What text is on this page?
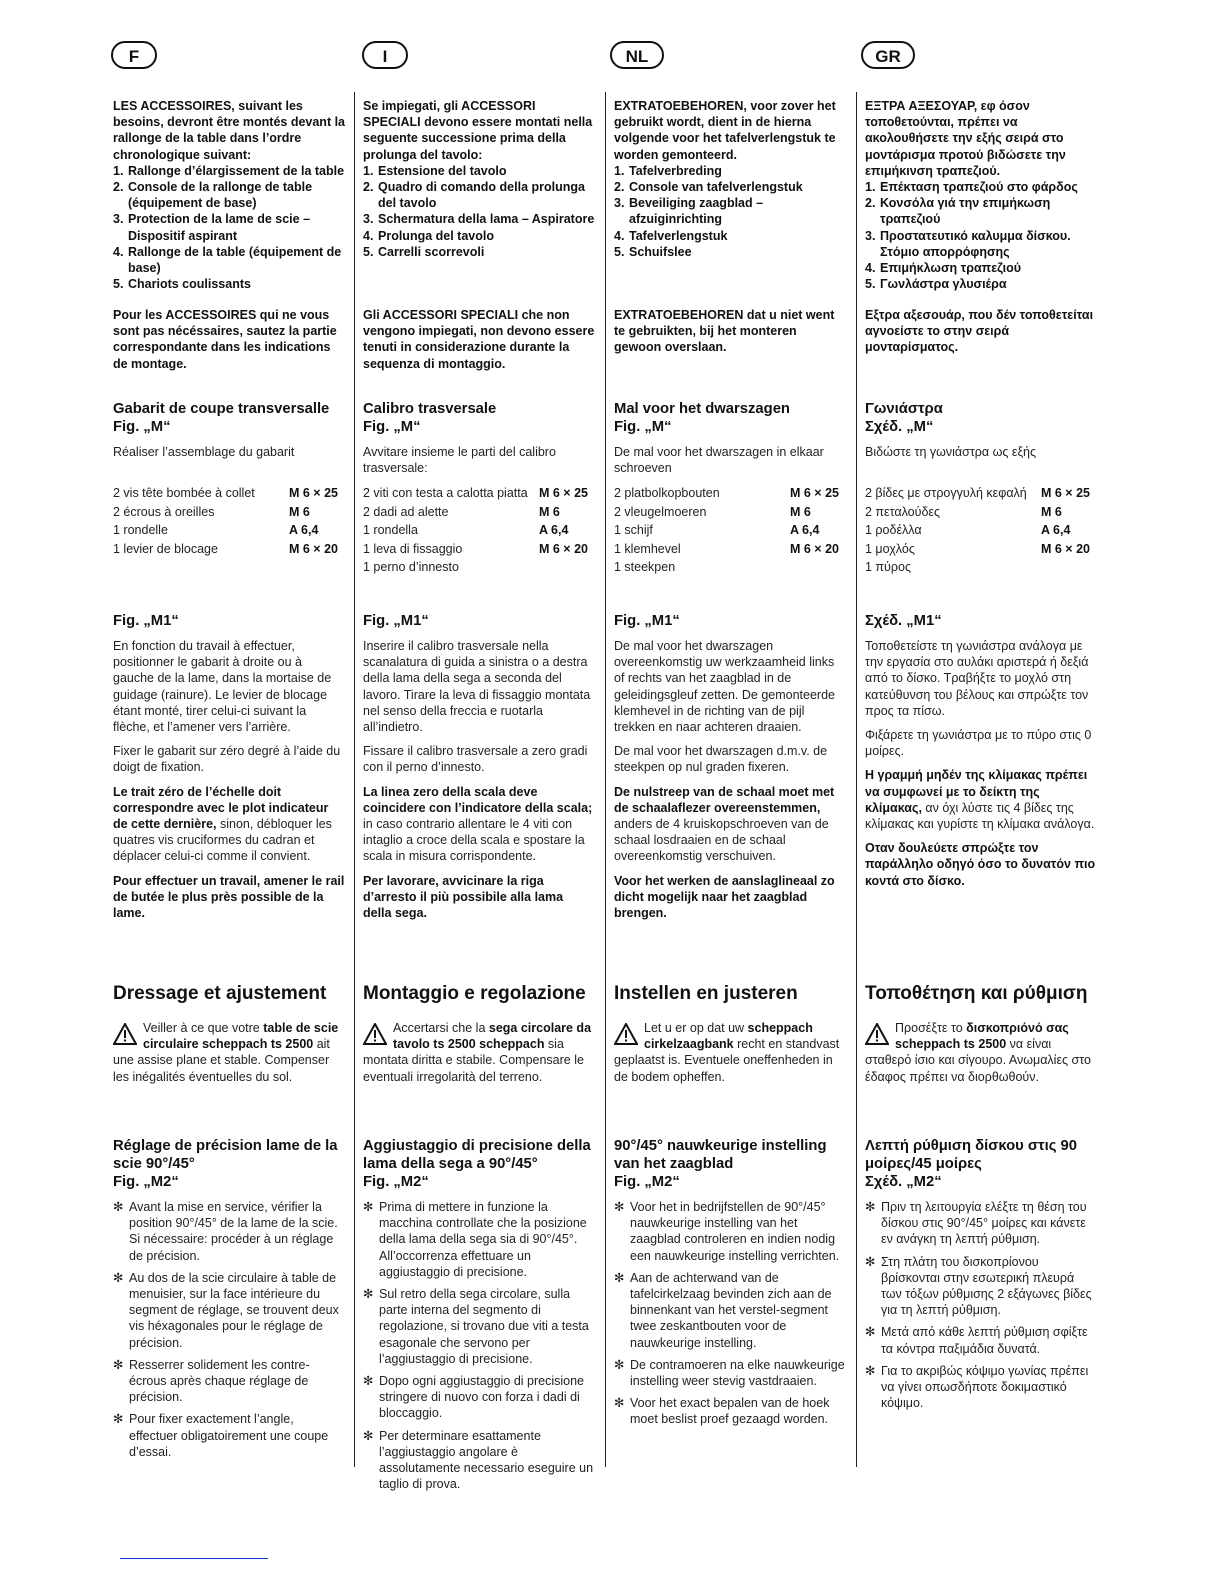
F	I	NL	GR

LES ACCESSOIRES, suivant les besoins, devront être montés devant la rallonge de la table dans l’ordre chronologique suivant:

1. Rallonge d’élargissement de la table
2. Console de la rallonge de table (équipement de base)
3. Protection de la lame de scie – Dispositif aspirant
4. Rallonge de la table (équipement de base)
5. Chariots coulissants

Pour les ACCESSOIRES qui ne vous sont pas nécéssaires, sautez la partie correspondante dans les indications de montage.

Gabarit de coupe transversalle
Fig. „M“

Réaliser l’assemblage du gabarit

2 vis tête bombée à collet	M 6 × 25
2 écrous à oreilles	M 6
1 rondelle	A 6,4
1 levier de blocage	M 6 × 20
Fig. „M1“

En fonction du travail à effectuer, positionner le gabarit à droite ou à gauche de la lame, dans la mortaise de guidage (rainure). Le levier de blocage étant monté, tirer celui-ci suivant la flèche, et l’amener vers l’arrière.

Fixer le gabarit sur zéro degré à l’aide du doigt de fixation.

Le trait zéro de l’échelle doit correspondre avec le plot indicateur de cette dernière, sinon, débloquer les quatres vis cruciformes du cadran et déplacer celui-ci comme il convient.

Pour effectuer un travail, amener le rail de butée le plus près possible de la lame.

Dressage et ajustement

Veiller à ce que votre table de scie circulaire scheppach ts 2500 ait une assise plane et stable. Compenser les inégalités éventuelles du sol.

Réglage de précision lame de la scie 90°/45°
Fig. „M2“
✻ Avant la mise en service, vérifier la position 90°/45° de la lame de la scie. Si nécessaire: procéder à un réglage de précision.
✻ Au dos de la scie circulaire à table de menuisier, sur la face intérieure du segment de réglage, se trouvent deux vis héxagonales pour le réglage de précision.
✻ Resserrer solidement les contre-écrous après chaque réglage de précision.
✻ Pour fixer exactement l’angle, effectuer obligatoirement une coupe d’essai.

Se impiegati, gli ACCESSORI SPECIALI devono essere montati nella seguente successione prima della prolunga del tavolo:

1. Estensione del tavolo
2. Quadro di comando della prolunga del tavolo
3. Schermatura della lama – Aspiratore
4. Prolunga del tavolo
5. Carrelli scorrevoli

Gli ACCESSORI SPECIALI che non vengono impiegati, non devono essere tenuti in considerazione durante la sequenza di montaggio.

Calibro trasversale
Fig. „M“

Avvitare insieme le parti del calibro trasversale:

2 viti con testa a calotta piatta	M 6 × 25
2 dadi ad alette	M 6
1 rondella	A 6,4
1 leva di fissaggio	M 6 × 20
1 perno d’innesto	
Fig. „M1“

Inserire il calibro trasversale nella scanalatura di guida a sinistra o a destra della lama della sega a seconda del lavoro. Tirare la leva di fissaggio montata nel senso della freccia e ruotarla all’indietro.

Fissare il calibro trasversale a zero gradi con il perno d’innesto.

La linea zero della scala deve coincidere con l’indicatore della scala; in caso contrario allentare le 4 viti con intaglio a croce della scala e spostare la scala in misura corrispondente.

Per lavorare, avvicinare la riga d’arresto il più possibile alla lama della sega.

Montaggio e regolazione

Accertarsi che la sega circolare da tavolo ts 2500 scheppach sia montata diritta e stabile. Compensare le eventuali irregolarità del terreno.

Aggiustaggio di precisione della lama della sega a 90°/45°
Fig. „M2“
✻ Prima di mettere in funzione la macchina controllate che la posizione della lama della sega sia di 90°/45°. All’occorrenza effettuare un aggiustaggio di precisione.
✻ Sul retro della sega circolare, sulla parte interna del segmento di regolazione, si trovano due viti a testa esagonale che servono per l’aggiustaggio di precisione.
✻ Dopo ogni aggiustaggio di precisione stringere di nuovo con forza i dadi di bloccaggio.
✻ Per determinare esattamente l’aggiustaggio angolare è assolutamente necessario eseguire un taglio di prova.

EXTRATOEBEHOREN, voor zover het gebruikt wordt, dient in de hierna volgende voor het tafelverlengstuk te worden gemonteerd.

1. Tafelverbreding
2. Console van tafelverlengstuk
3. Beveiliging zaagblad – afzuiginrichting
4. Tafelverlengstuk
5. Schuifslee

EXTRATOEBEHOREN dat u niet went te gebruikten, bij het monteren gewoon overslaan.

Mal voor het dwarszagen
Fig. „M“

De mal voor het dwarszagen in elkaar schroeven

2 platbolkopbouten	M 6 × 25
2 vleugelmoeren	M 6
1 schijf	A 6,4
1 klemhevel	M 6 × 20
1 steekpen	
Fig. „M1“

De mal voor het dwarszagen overeenkomstig uw werkzaamheid links of rechts van het zaagblad in de geleidingsgleuf zetten. De gemonteerde klemhevel in de richting van de pijl trekken en naar achteren draaien.

De mal voor het dwarszagen d.m.v. de steekpen op nul graden fixeren.

De nulstreep van de schaal moet met de schaalaflezer overeenstemmen, anders de 4 kruiskopschroeven van de schaal losdraaien en de schaal overeenkomstig verschuiven.

Voor het werken de aanslaglineaal zo dicht mogelijk naar het zaagblad brengen.

Instellen en justeren

Let u er op dat uw scheppach cirkelzaagbank recht en standvast geplaatst is. Eventuele oneffenheden in de bodem opheffen.

90°/45° nauwkeurige instelling van het zaagblad
Fig. „M2“
✻ Voor het in bedrijfstellen de 90°/45° nauwkeurige instelling van het zaagblad controleren en indien nodig een nauwkeurige instelling verrichten.
✻ Aan de achterwand van de tafelcirkelzaag bevinden zich aan de binnenkant van het verstel-segment twee zeskantbouten voor de nauwkeurige instelling.
✻ De contramoeren na elke nauwkeurige instelling weer stevig vastdraaien.
✻ Voor het exact bepalen van de hoek moet beslist proef gezaagd worden.

ΕΞΤΡΑ ΑΞΕΣΟΥΑΡ, εφ όσον τοποθετούνται, πρέπει να ακολουθήσετε την εξής σειρά στο μοντάρισμα προτού βιδώσετε την επιμήκινση τραπεζιού.

1. Επέκταση τραπεζιού στο φάρδος
2. Κονσόλα γιά την επιμήκωση τραπεζιού
3. Προστατευτικό καλυμμα δίσκου. Στόμιο απορρόφησης
4. Επιμήκλωση τραπεζιού
5. Γωνλάστρα γλυσιέρα

Εξτρα αξεσουάρ, που δέν τοποθετείται αγνοείστε το στην σειρά μονταρίσματος.

Γωνιάστρα
Σχέδ. „M“

Βιδώστε τη γωνιάστρα ως εξής

2 βίδες με στρογγυλή κεφαλή	M 6 × 25
2 πεταλούδες	M 6
1 ροδέλλα	A 6,4
1 μοχλός	M 6 × 20
1 πύρος	
Σχέδ. „M1“

Τοποθετείστε τη γωνιάστρα ανάλογα με την εργασία στο αυλάκι αριστερά ή δεξιά από το δίσκο. Τραβήξτε το μοχλό στη κατεύθυνση του βέλους και σπρώξτε τον προς τα πίσω.

Φιξάρετε τη γωνιάστρα με το πύρο στις 0 μοίρες.

Η γραμμή μηδέν της κλίμακας πρέπει να συμφωνεί με το δείκτη της κλίμακας, αν όχι λύστε τις 4 βίδες της κλίμακας και γυρίστε τη κλίμακα ανάλογα.

Οταν δουλεύετε σπρώξτε τον παράλληλο οδηγό όσο το δυνατόν πιο κοντά στο δίσκο.

Τοποθέτηση και ρύθμιση

Προσέξτε το δισκοπριόνό σας scheppach ts 2500 να είναι σταθερό ίσιο και σίγουρο. Ανωμαλίες στο έδαφος πρέπει να διορθωθούν.

Λεπτή ρύθμιση δίσκου στις 90 μοίρες/45 μοίρες
Σχέδ. „M2“
✻ Πριν τη λειτουργία ελέξτε τη θέση του δίσκου στις 90°/45° μοίρες και κάνετε εν ανάγκη τη λεπτή ρύθμιση.
✻ Στη πλάτη του δισκοπρίονου βρίσκονται στην εσωτερική πλευρά των τόξων ρύθμισης 2 εξάγωνες βίδες για τη λεπτή ρύθμιση.
✻ Μετά από κάθε λεπτή ρύθμιση σφίξτε τα κόντρα παξιμάδια δυνατά.
✻ Για το ακριβώς κόψιμο γωνίας πρέπει να γίνει οπωσδήποτε δοκιμαστικό κόψιμο.
